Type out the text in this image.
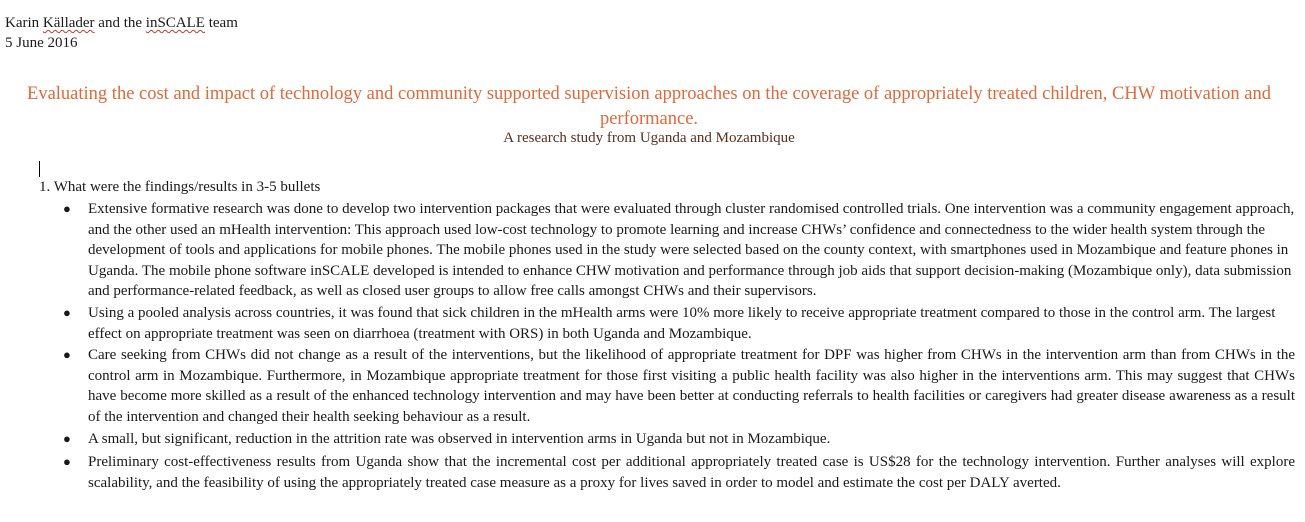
Karin Källader and the inSCALE team
5 June 2016
Evaluating the cost and impact of technology and community supported supervision approaches on the coverage of appropriately treated children, CHW motivation and performance.
A research study from Uganda and Mozambique
1. What were the findings/results in 3-5 bullets
● Extensive formative research was done to develop two intervention packages that were evaluated through cluster randomised controlled trials. One intervention was a community engagement approach, and the other used an mHealth intervention: This approach used low-cost technology to promote learning and increase CHWs’ confidence and connectedness to the wider health system through the development of tools and applications for mobile phones. The mobile phones used in the study were selected based on the county context, with smartphones used in Mozambique and feature phones in Uganda. The mobile phone software inSCALE developed is intended to enhance CHW motivation and performance through job aids that support decision-making (Mozambique only), data submission and performance-related feedback, as well as closed user groups to allow free calls amongst CHWs and their supervisors.
● Using a pooled analysis across countries, it was found that sick children in the mHealth arms were 10% more likely to receive appropriate treatment compared to those in the control arm. The largest effect on appropriate treatment was seen on diarrhoea (treatment with ORS) in both Uganda and Mozambique.
● Care seeking from CHWs did not change as a result of the interventions, but the likelihood of appropriate treatment for DPF was higher from CHWs in the intervention arm than from CHWs in the control arm in Mozambique. Furthermore, in Mozambique appropriate treatment for those first visiting a public health facility was also higher in the interventions arm. This may suggest that CHWs have become more skilled as a result of the enhanced technology intervention and may have been better at conducting referrals to health facilities or caregivers had greater disease awareness as a result of the intervention and changed their health seeking behaviour as a result.
● A small, but significant, reduction in the attrition rate was observed in intervention arms in Uganda but not in Mozambique.
● Preliminary cost-effectiveness results from Uganda show that the incremental cost per additional appropriately treated case is US$28 for the technology intervention. Further analyses will explore scalability, and the feasibility of using the appropriately treated case measure as a proxy for lives saved in order to model and estimate the cost per DALY averted.
